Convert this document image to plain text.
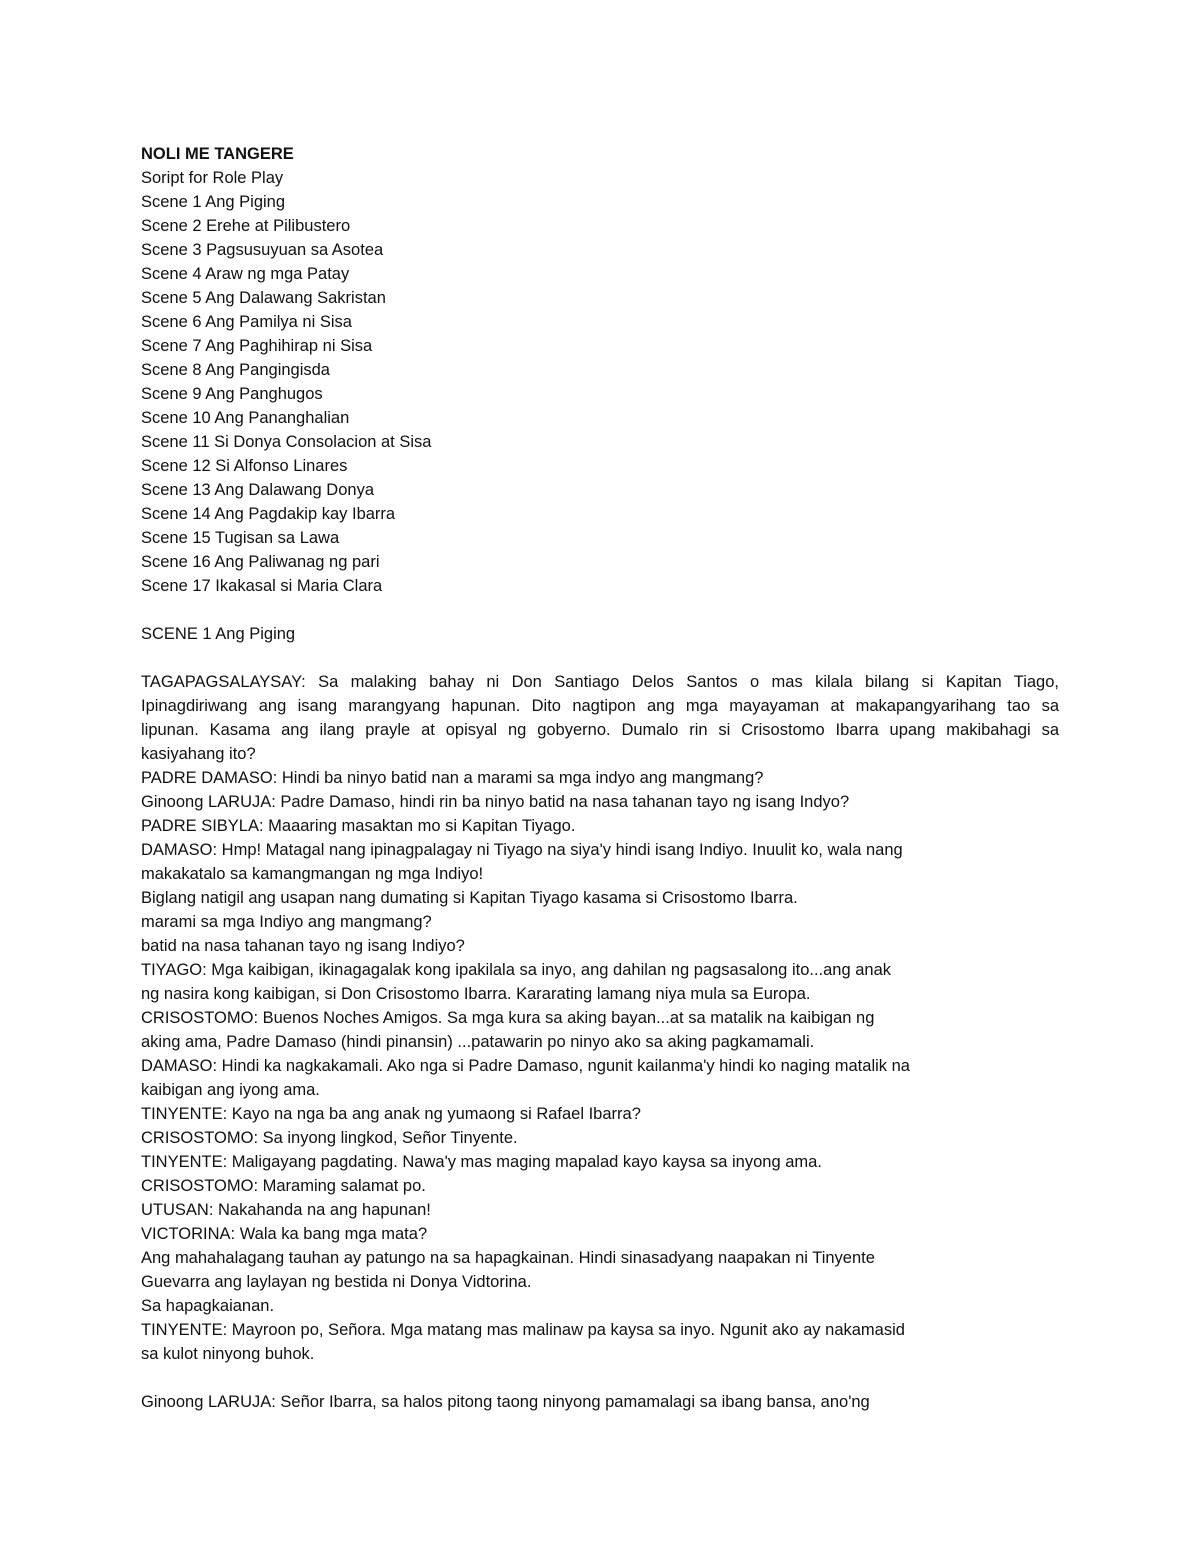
NOLI ME TANGERE

Soript for Role Play

Scene 1 Ang Piging

Scene 2 Erehe at Pilibustero

Scene 3 Pagsusuyuan sa Asotea

Scene 4 Araw ng mga Patay

Scene 5 Ang Dalawang Sakristan

Scene 6 Ang Pamilya ni Sisa

Scene 7 Ang Paghihirap ni Sisa

Scene 8 Ang Pangingisda

Scene 9 Ang Panghugos

Scene 10 Ang Pananghalian

Scene 11 Si Donya Consolacion at Sisa

Scene 12 Si Alfonso Linares

Scene 13 Ang Dalawang Donya

Scene 14 Ang Pagdakip kay Ibarra

Scene 15 Tugisan sa Lawa

Scene 16 Ang Paliwanag ng pari

Scene 17 Ikakasal si Maria Clara

SCENE 1 Ang Piging

TAGAPAGSALAYSAY: Sa malaking bahay ni Don Santiago Delos Santos o mas kilala bilang si Kapitan Tiago,

Ipinagdiriwang ang isang marangyang hapunan. Dito nagtipon ang mga mayayaman at makapangyarihang tao sa

lipunan. Kasama ang ilang prayle at opisyal ng gobyerno. Dumalo rin si Crisostomo Ibarra upang makibahagi sa

kasiyahang ito?

PADRE DAMASO: Hindi ba ninyo batid nan a marami sa mga indyo ang mangmang?

Ginoong LARUJA: Padre Damaso, hindi rin ba ninyo batid na nasa tahanan tayo ng isang Indyo?

PADRE SIBYLA: Maaaring masaktan mo si Kapitan Tiyago.

DAMASO: Hmp! Matagal nang ipinagpalagay ni Tiyago na siya'y hindi isang Indiyo. Inuulit ko, wala nang

makakatalo sa kamangmangan ng mga Indiyo!

Biglang natigil ang usapan nang dumating si Kapitan Tiyago kasama si Crisostomo Ibarra.

marami sa mga Indiyo ang mangmang?

batid na nasa tahanan tayo ng isang Indiyo?

TIYAGO: Mga kaibigan, ikinagagalak kong ipakilala sa inyo, ang dahilan ng pagsasalong ito...ang anak

ng nasira kong kaibigan, si Don Crisostomo Ibarra. Kararating lamang niya mula sa Europa.

CRISOSTOMO: Buenos Noches Amigos. Sa mga kura sa aking bayan...at sa matalik na kaibigan ng

aking ama, Padre Damaso (hindi pinansin) ...patawarin po ninyo ako sa aking pagkamamali.

DAMASO: Hindi ka nagkakamali. Ako nga si Padre Damaso, ngunit kailanma'y hindi ko naging matalik na

kaibigan ang iyong ama.

TINYENTE: Kayo na nga ba ang anak ng yumaong si Rafael Ibarra?

CRISOSTOMO: Sa inyong lingkod, Señor Tinyente.

TINYENTE: Maligayang pagdating. Nawa'y mas maging mapalad kayo kaysa sa inyong ama.

CRISOSTOMO: Maraming salamat po.

UTUSAN: Nakahanda na ang hapunan!

VICTORINA: Wala ka bang mga mata?

Ang mahahalagang tauhan ay patungo na sa hapagkainan. Hindi sinasadyang naapakan ni Tinyente

Guevarra ang laylayan ng bestida ni Donya Vidtorina.

Sa hapagkaianan.

TINYENTE: Mayroon po, Señora. Mga matang mas malinaw pa kaysa sa inyo. Ngunit ako ay nakamasid

sa kulot ninyong buhok.

Ginoong LARUJA: Señor Ibarra, sa halos pitong taong ninyong pamamalagi sa ibang bansa, ano'ng
